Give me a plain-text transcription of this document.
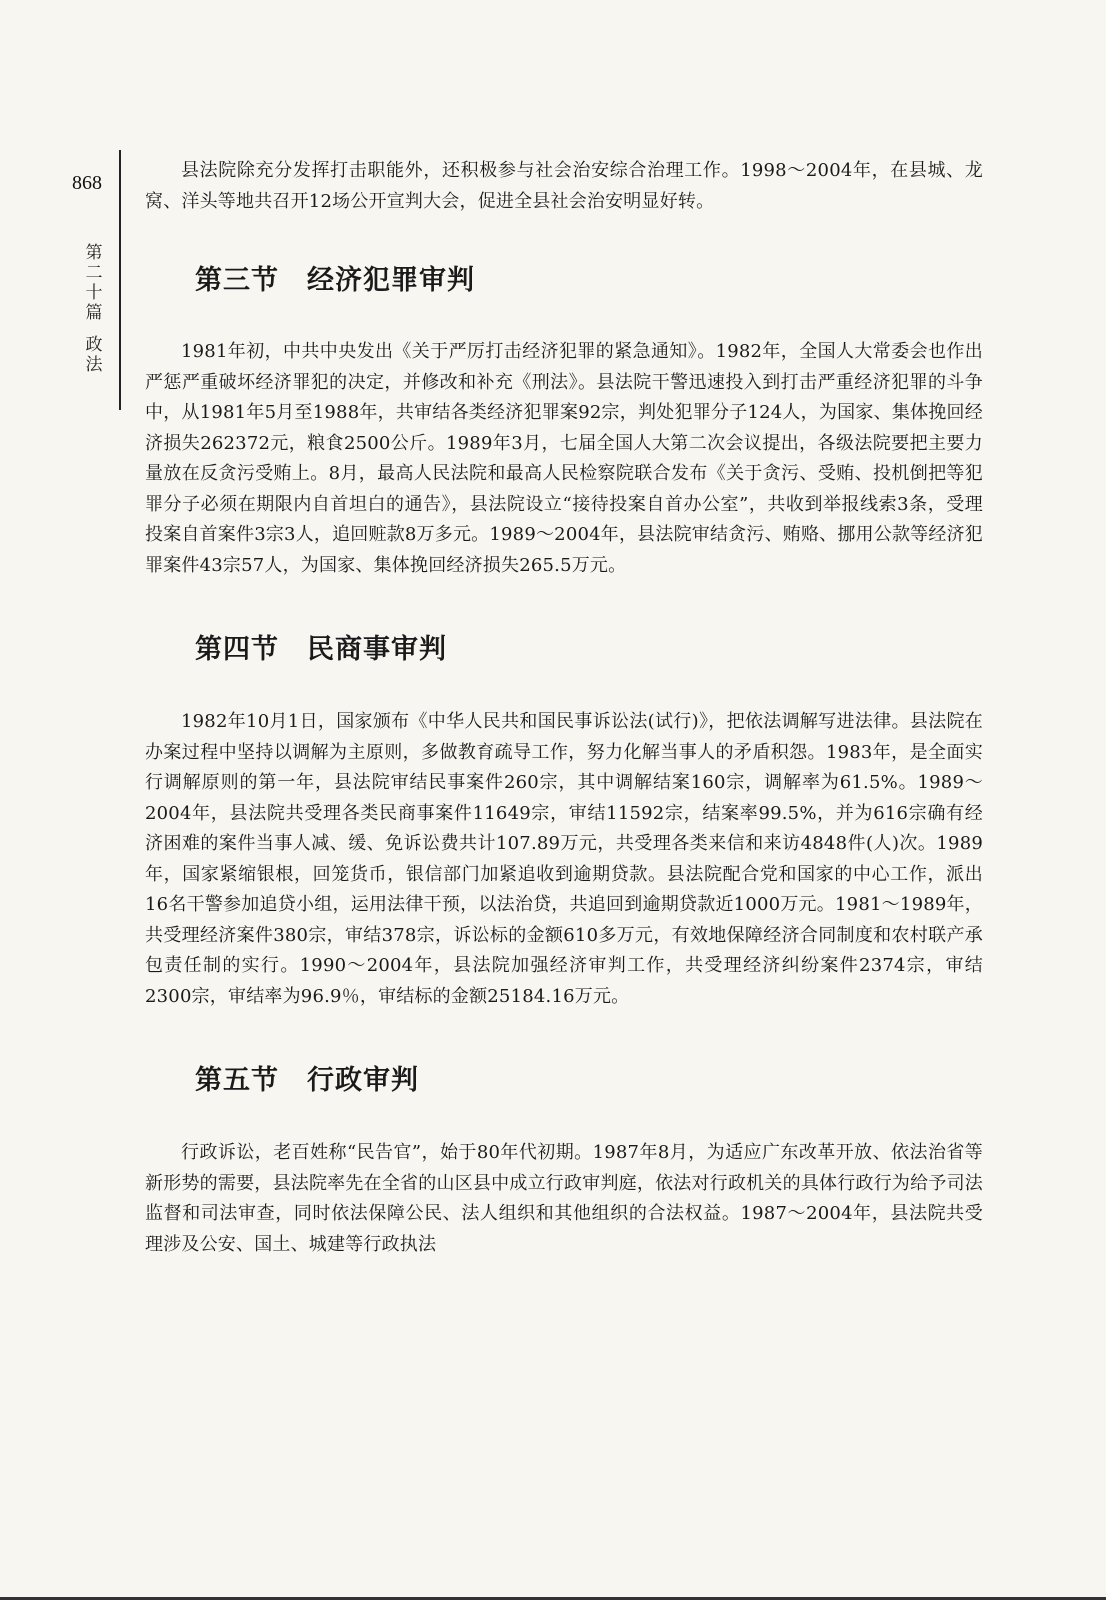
868
第二十篇
政法

县法院除充分发挥打击职能外，还积极参与社会治安综合治理工作。1998～2004年，在县城、龙窝、洋头等地共召开12场公开宣判大会，促进全县社会治安明显好转。

第三节 经济犯罪审判

1981年初，中共中央发出《关于严厉打击经济犯罪的紧急通知》。1982年，全国人大常委会也作出严惩严重破坏经济罪犯的决定，并修改和补充《刑法》。县法院干警迅速投入到打击严重经济犯罪的斗争中，从1981年5月至1988年，共审结各类经济犯罪案92宗，判处犯罪分子124人，为国家、集体挽回经济损失262372元，粮食2500公斤。1989年3月，七届全国人大第二次会议提出，各级法院要把主要力量放在反贪污受贿上。8月，最高人民法院和最高人民检察院联合发布《关于贪污、受贿、投机倒把等犯罪分子必须在期限内自首坦白的通告》，县法院设立“接待投案自首办公室”，共收到举报线索3条，受理投案自首案件3宗3人，追回赃款8万多元。1989～2004年，县法院审结贪污、贿赂、挪用公款等经济犯罪案件43宗57人，为国家、集体挽回经济损失265.5万元。

第四节 民商事审判

1982年10月1日，国家颁布《中华人民共和国民事诉讼法(试行)》，把依法调解写进法律。县法院在办案过程中坚持以调解为主原则，多做教育疏导工作，努力化解当事人的矛盾积怨。1983年，是全面实行调解原则的第一年，县法院审结民事案件260宗，其中调解结案160宗，调解率为61.5%。1989～2004年，县法院共受理各类民商事案件11649宗，审结11592宗，结案率99.5%，并为616宗确有经济困难的案件当事人减、缓、免诉讼费共计107.89万元，共受理各类来信和来访4848件(人)次。1989年，国家紧缩银根，回笼货币，银信部门加紧追收到逾期贷款。县法院配合党和国家的中心工作，派出16名干警参加追贷小组，运用法律干预，以法治贷，共追回到逾期贷款近1000万元。1981～1989年，共受理经济案件380宗，审结378宗，诉讼标的金额610多万元，有效地保障经济合同制度和农村联产承包责任制的实行。1990～2004年，县法院加强经济审判工作，共受理经济纠纷案件2374宗，审结2300宗，审结率为96.9％，审结标的金额25184.16万元。

第五节 行政审判

行政诉讼，老百姓称“民告官”，始于80年代初期。1987年8月，为适应广东改革开放、依法治省等新形势的需要，县法院率先在全省的山区县中成立行政审判庭，依法对行政机关的具体行政行为给予司法监督和司法审查，同时依法保障公民、法人组织和其他组织的合法权益。1987～2004年，县法院共受理涉及公安、国土、城建等行政执法
